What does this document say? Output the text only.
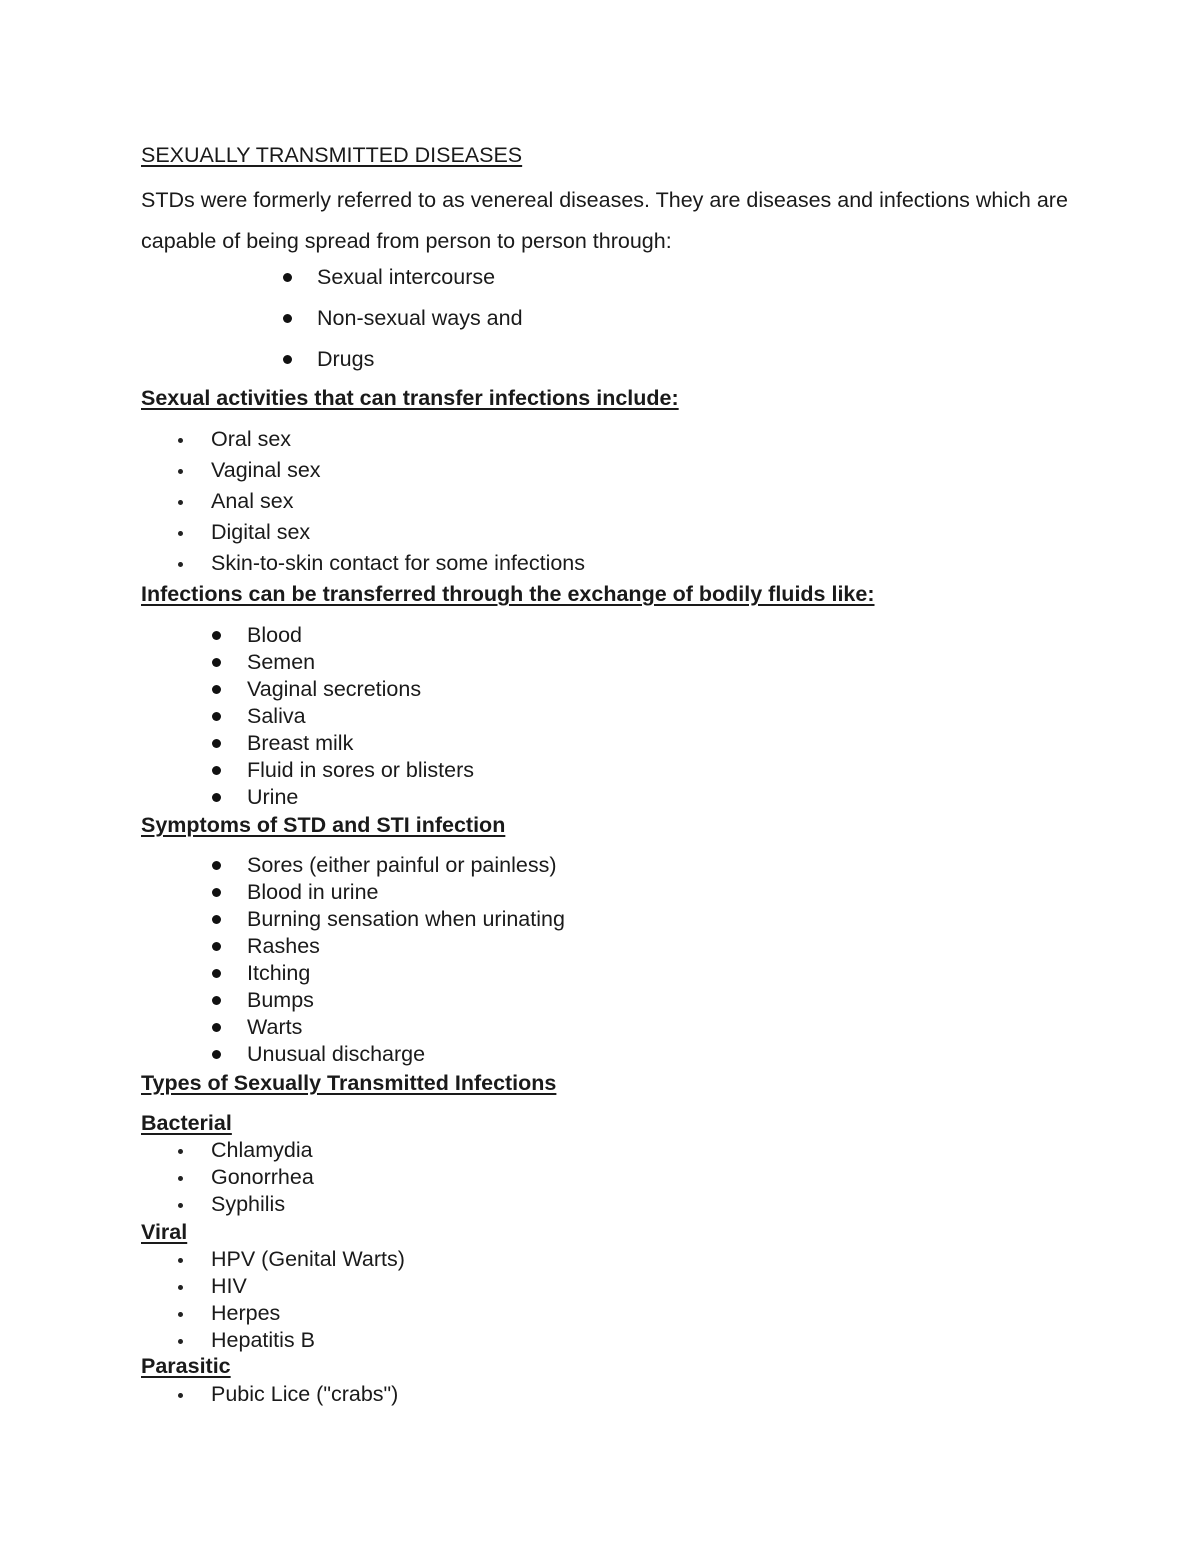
SEXUALLY TRANSMITTED DISEASES
STDs were formerly referred to as venereal diseases. They are diseases and infections which are capable of being spread from person to person through:
Sexual intercourse
Non-sexual ways and
Drugs
Sexual activities that can transfer infections include:
Oral sex
Vaginal sex
Anal sex
Digital sex
Skin-to-skin contact for some infections
Infections can be transferred through the exchange of bodily fluids like:
Blood
Semen
Vaginal secretions
Saliva
Breast milk
Fluid in sores or blisters
Urine
Symptoms of STD and STI infection
Sores (either painful or painless)
Blood in urine
Burning sensation when urinating
Rashes
Itching
Bumps
Warts
Unusual discharge
Types of Sexually Transmitted Infections
Bacterial
Chlamydia
Gonorrhea
Syphilis
Viral
HPV (Genital Warts)
HIV
Herpes
Hepatitis B
Parasitic
Pubic Lice ("crabs")
